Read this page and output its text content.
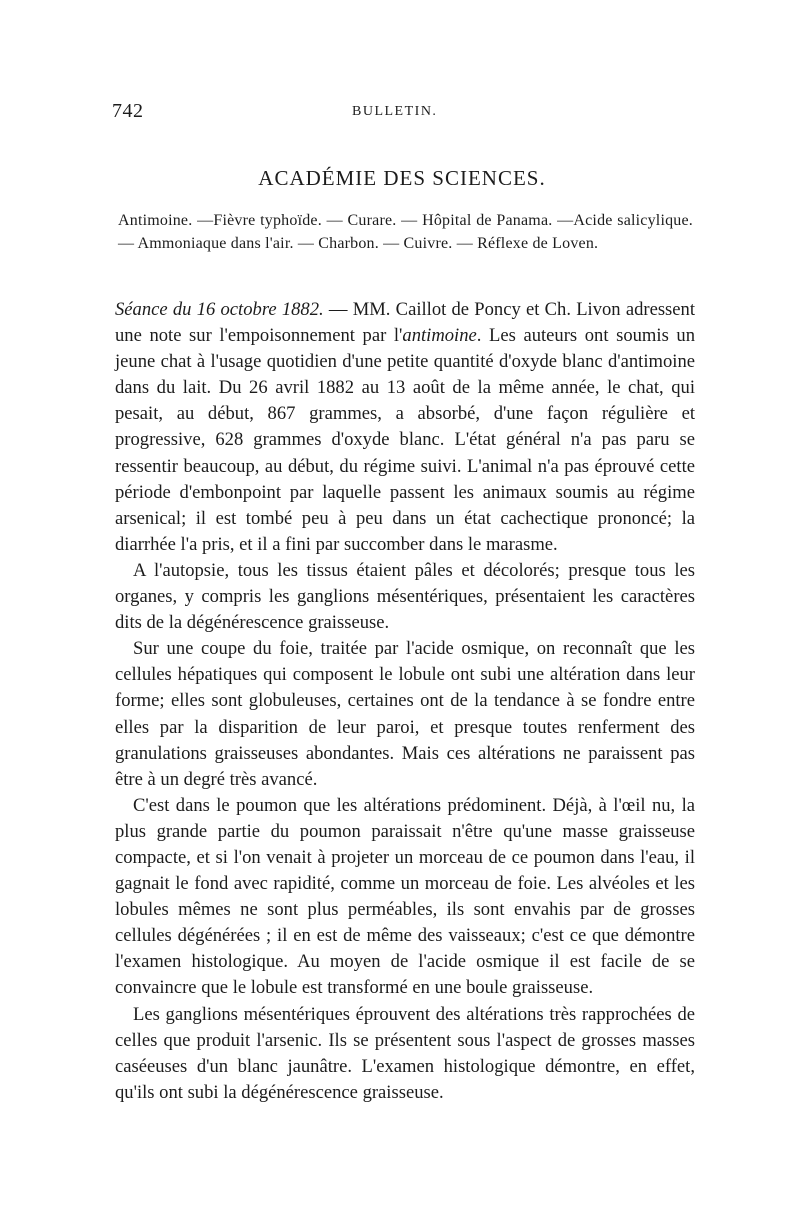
742	BULLETIN.
ACADÉMIE DES SCIENCES.
Antimoine. —Fièvre typhoïde. — Curare. — Hôpital de Panama. —Acide salicylique. — Ammoniaque dans l'air. — Charbon. — Cuivre. — Réflexe de Loven.

Séance du 16 octobre 1882. — MM. Caillot de Poncy et Ch. Livon adressent une note sur l'empoisonnement par l'antimoine. Les auteurs ont soumis un jeune chat à l'usage quotidien d'une petite quantité d'oxyde blanc d'antimoine dans du lait. Du 26 avril 1882 au 13 août de la même année, le chat, qui pesait, au début, 867 grammes, a absorbé, d'une façon régulière et progressive, 628 grammes d'oxyde blanc. L'état général n'a pas paru se ressentir beaucoup, au début, du régime suivi. L'animal n'a pas éprouvé cette période d'embonpoint par laquelle passent les animaux soumis au régime arsenical; il est tombé peu à peu dans un état cachectique prononcé; la diarrhée l'a pris, et il a fini par succomber dans le marasme.

A l'autopsie, tous les tissus étaient pâles et décolorés; presque tous les organes, y compris les ganglions mésentériques, présentaient les caractères dits de la dégénérescence graisseuse.

Sur une coupe du foie, traitée par l'acide osmique, on reconnaît que les cellules hépatiques qui composent le lobule ont subi une altération dans leur forme; elles sont globuleuses, certaines ont de la tendance à se fondre entre elles par la disparition de leur paroi, et presque toutes renferment des granulations graisseuses abondantes. Mais ces altérations ne paraissent pas être à un degré très avancé.

C'est dans le poumon que les altérations prédominent. Déjà, à l'œil nu, la plus grande partie du poumon paraissait n'être qu'une masse graisseuse compacte, et si l'on venait à projeter un morceau de ce poumon dans l'eau, il gagnait le fond avec rapidité, comme un morceau de foie. Les alvéoles et les lobules mêmes ne sont plus perméables, ils sont envahis par de grosses cellules dégénérées ; il en est de même des vaisseaux; c'est ce que démontre l'examen histologique. Au moyen de l'acide osmique il est facile de se convaincre que le lobule est transformé en une boule graisseuse.

Les ganglions mésentériques éprouvent des altérations très rapprochées de celles que produit l'arsenic. Ils se présentent sous l'aspect de grosses masses caséeuses d'un blanc jaunâtre. L'examen histologique démontre, en effet, qu'ils ont subi la dégénérescence graisseuse.
